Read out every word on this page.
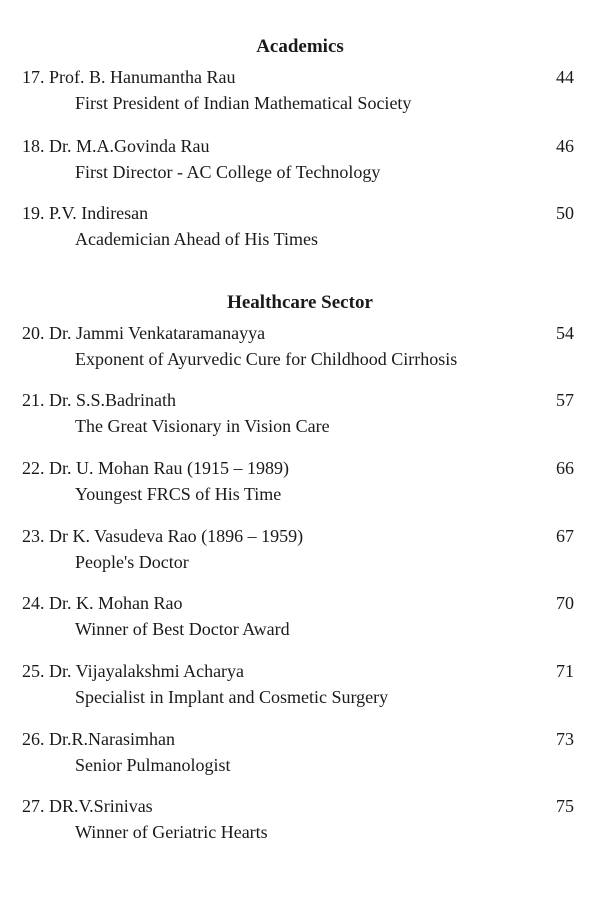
Academics
17. Prof. B. Hanumantha Rau
First President of Indian Mathematical Society
44
18. Dr. M.A.Govinda Rau
First Director - AC College of Technology
46
19. P.V. Indiresan
Academician Ahead of His Times
50
Healthcare Sector
20. Dr. Jammi Venkataramanayya
Exponent of Ayurvedic Cure for Childhood Cirrhosis
54
21. Dr. S.S.Badrinath
The Great Visionary in Vision Care
57
22. Dr. U. Mohan Rau (1915 – 1989)
Youngest FRCS of His Time
66
23. Dr K. Vasudeva Rao (1896 – 1959)
People's Doctor
67
24. Dr. K. Mohan Rao
Winner of Best Doctor Award
70
25. Dr. Vijayalakshmi Acharya
Specialist in Implant and Cosmetic Surgery
71
26. Dr.R.Narasimhan
Senior Pulmanologist
73
27. DR.V.Srinivas
Winner of Geriatric Hearts
75
